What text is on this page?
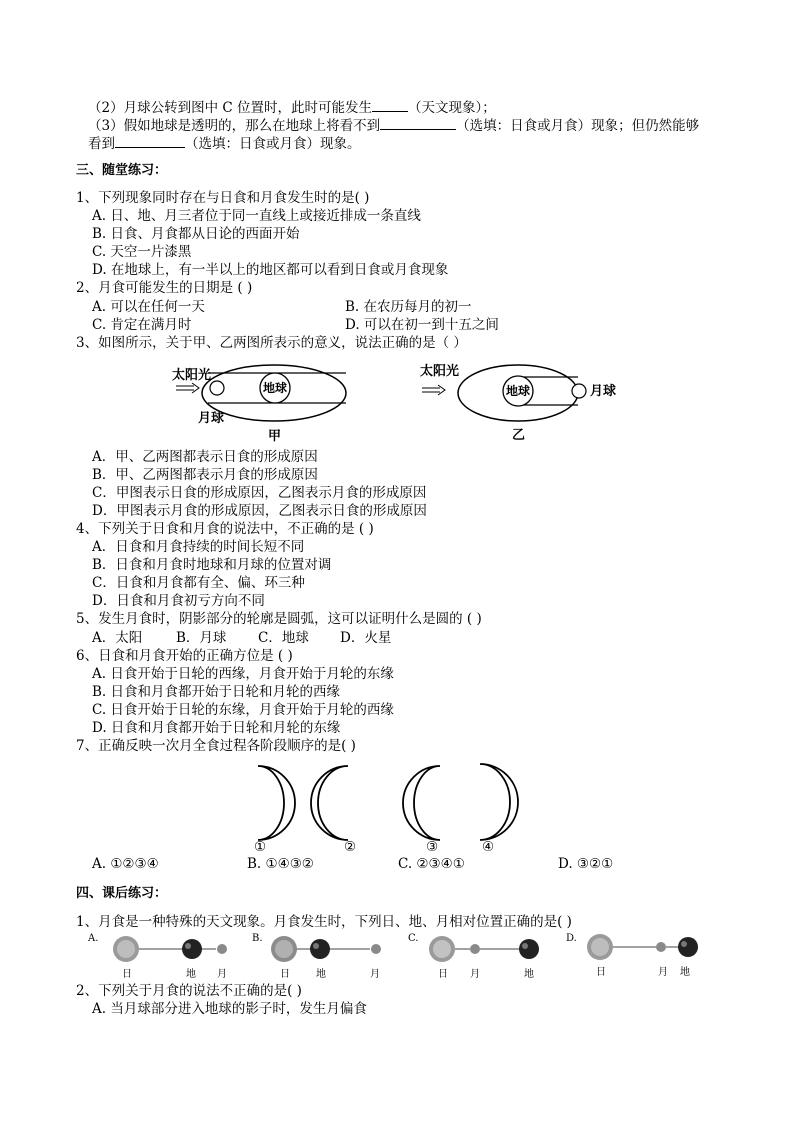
（2）月球公转到图中 C 位置时，此时可能发生	（天文现象）；
（3）假如地球是透明的，那么在地球上将看不到	（选填：日食或月食）现象；但仍然能够
看到	（选填：日食或月食）现象。
三、随堂练习：
1、下列现象同时存在与日食和月食发生时的是( )
A. 日、地、月三者位于同一直线上或接近排成一条直线
B. 日食、月食都从日论的西面开始
C. 天空一片漆黑
D. 在地球上，有一半以上的地区都可以看到日食或月食现象
2、月食可能发生的日期是 ( )
A. 可以在任何一天	B. 在农历每月的初一
C. 肯定在满月时	D. 可以在初一到十五之间
3、如图所示，关于甲、乙两图所表示的意义，说法正确的是（ ）
太阳光
地球
月球
甲
太阳光
地球	月球
乙
A．甲、乙两图都表示日食的形成原因
B．甲、乙两图都表示月食的形成原因
C．甲图表示日食的形成原因，乙图表示月食的形成原因
D．甲图表示月食的形成原因，乙图表示日食的形成原因
4、下列关于日食和月食的说法中，不正确的是 ( )
A．日食和月食持续的时间长短不同
B．日食和月食时地球和月球的位置对调
C．日食和月食都有全、偏、环三种
D．日食和月食初亏方向不同
5、发生月食时，阴影部分的轮廓是圆弧，这可以证明什么是圆的 ( )
A．太阳	B．月球 C．地球 D．火星
6、日食和月食开始的正确方位是 ( )
A. 日食开始于日轮的西缘，月食开始于月轮的东缘
B. 日食和月食都开始于日轮和月轮的西缘
C. 日食开始于日轮的东缘，月食开始于月轮的西缘
D. 日食和月食都开始于日轮和月轮的东缘
7、正确反映一次月全食过程各阶段顺序的是( )
①	②	③	④
A. ①②③④	B. ①④③②	C. ②③④①	D. ③②①
四、课后练习：
1、月食是一种特殊的天文现象。月食发生时，下列日、地、月相对位置正确的是( )
A.
日	地 月
B.
日	地	月
C.
日 月	地
D.
日	月 地
2、下列关于月食的说法不正确的是( )
A. 当月球部分进入地球的影子时，发生月偏食
